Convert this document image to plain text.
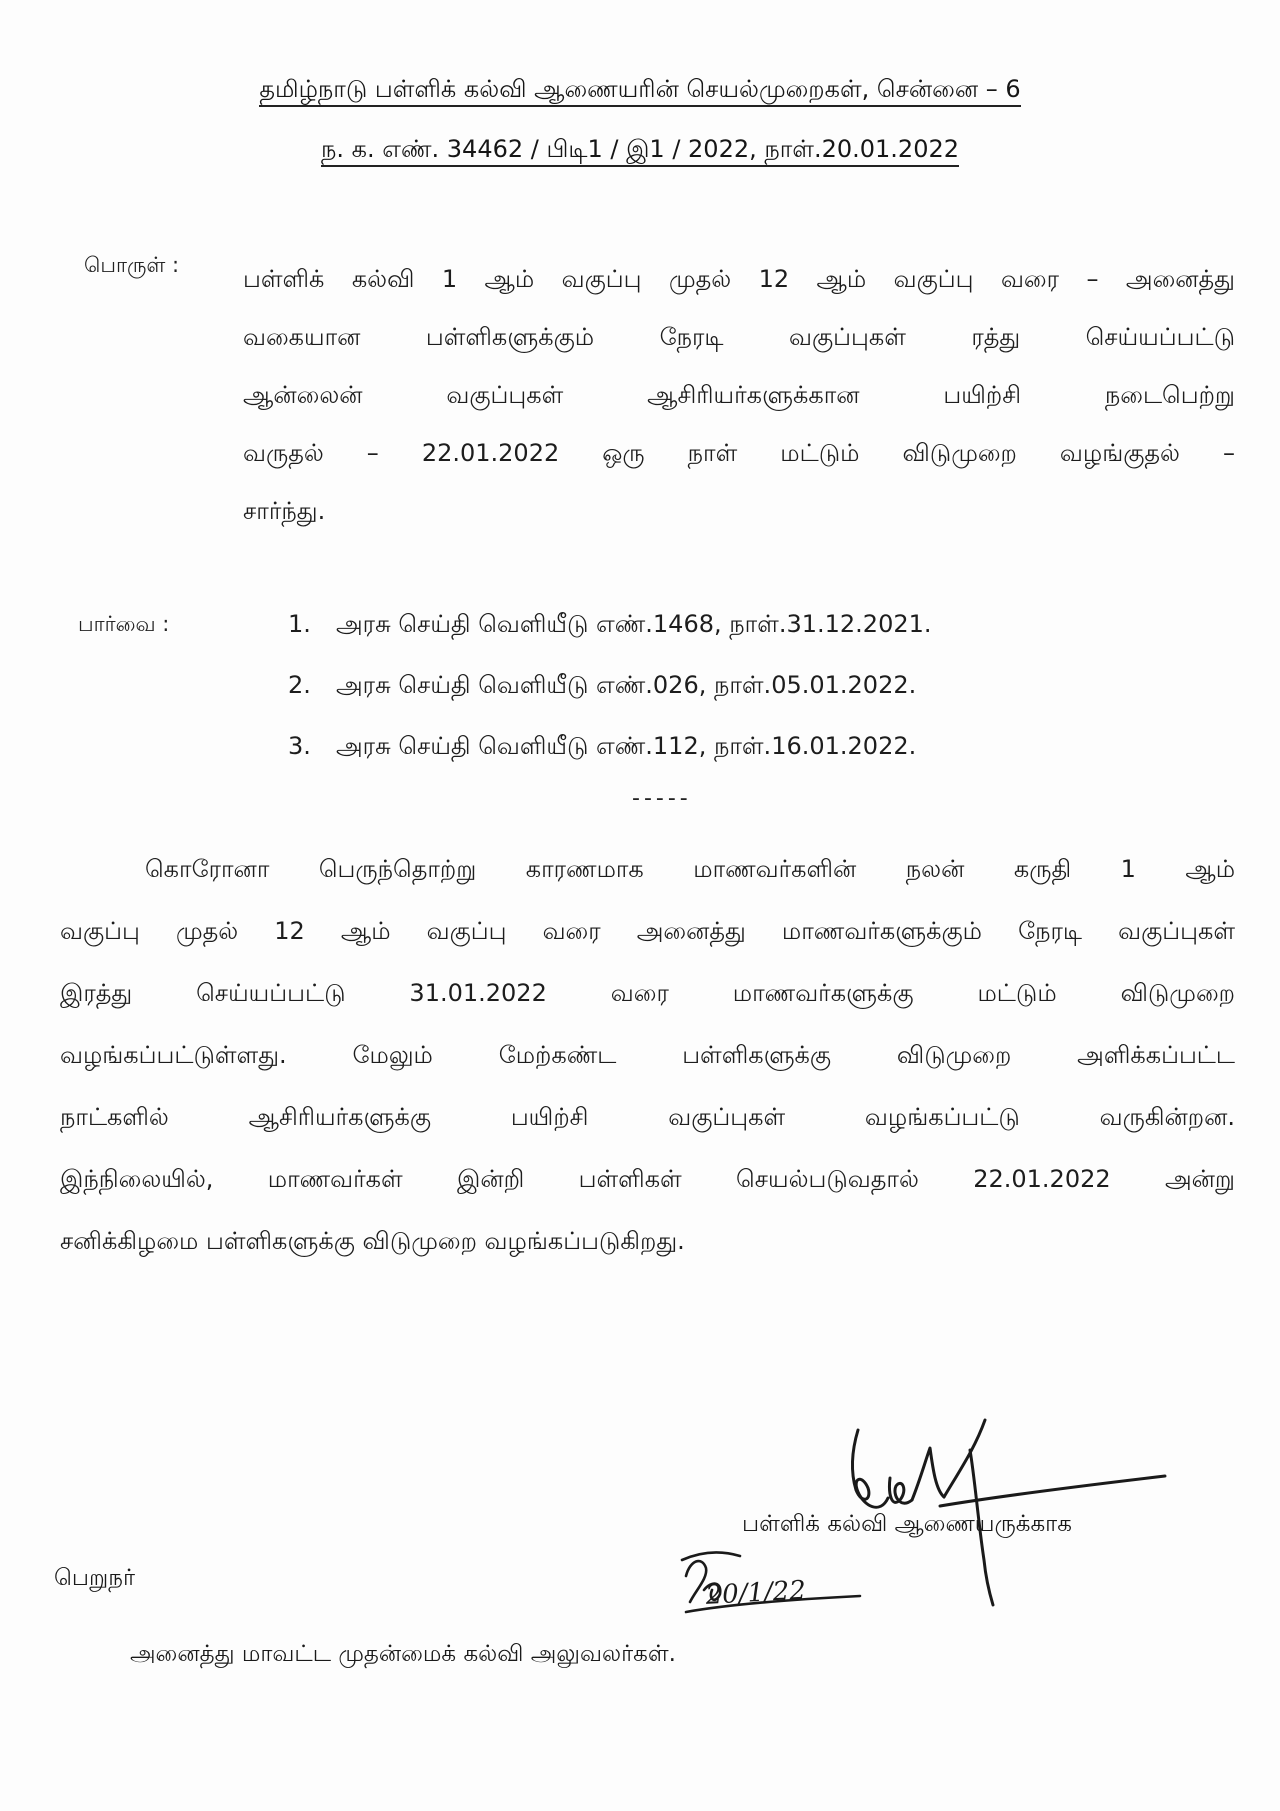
தமிழ்நாடு பள்ளிக் கல்வி ஆணையரின் செயல்முறைகள், சென்னை – 6
ந. க. எண். 34462 / பிடி1 / இ1 / 2022, நாள்.20.01.2022
பொருள் :	பள்ளிக் கல்வி 1 ஆம் வகுப்பு முதல் 12 ஆம் வகுப்பு வரை – அனைத்து
வகையான பள்ளிகளுக்கும் நேரடி வகுப்புகள் ரத்து செய்யப்பட்டு
ஆன்லைன் வகுப்புகள் ஆசிரியர்களுக்கான பயிற்சி நடைபெற்று
வருதல் – 22.01.2022 ஒரு நாள் மட்டும் விடுமுறை வழங்குதல் –
சார்ந்து.
பார்வை :	1. அரசு செய்தி வெளியீடு எண்.1468, நாள்.31.12.2021.
2. அரசு செய்தி வெளியீடு எண்.026, நாள்.05.01.2022.
3. அரசு செய்தி வெளியீடு எண்.112, நாள்.16.01.2022.
-----
கொரோனா பெருந்தொற்று காரணமாக மாணவர்களின் நலன் கருதி 1 ஆம்
வகுப்பு முதல் 12 ஆம் வகுப்பு வரை அனைத்து மாணவர்களுக்கும் நேரடி வகுப்புகள்
இரத்து செய்யப்பட்டு 31.01.2022 வரை மாணவர்களுக்கு மட்டும் விடுமுறை
வழங்கப்பட்டுள்ளது. மேலும் மேற்கண்ட பள்ளிகளுக்கு விடுமுறை அளிக்கப்பட்ட
நாட்களில் ஆசிரியர்களுக்கு பயிற்சி வகுப்புகள் வழங்கப்பட்டு வருகின்றன.
இந்நிலையில், மாணவர்கள் இன்றி பள்ளிகள் செயல்படுவதால் 22.01.2022 அன்று
சனிக்கிழமை பள்ளிகளுக்கு விடுமுறை வழங்கப்படுகிறது.
பள்ளிக் கல்வி ஆணையருக்காக
பெறுநர்
அனைத்து மாவட்ட முதன்மைக் கல்வி அலுவலர்கள்.
20/1/22
